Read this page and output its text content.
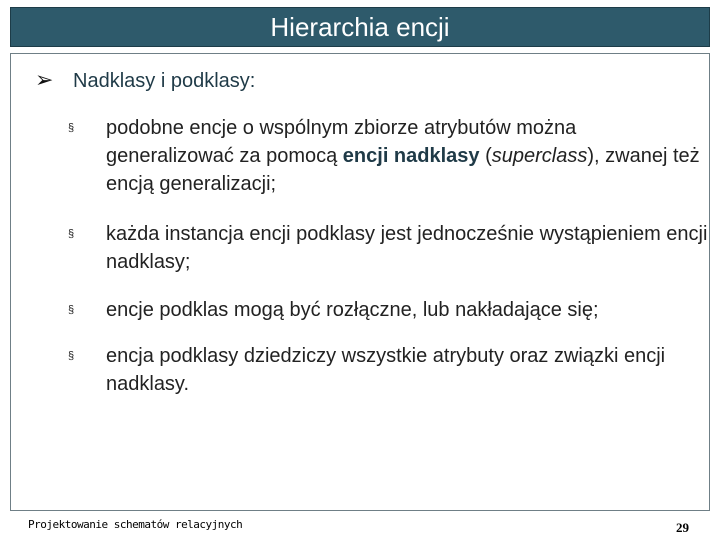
Hierarchia encji
➢ Nadklasy i podklasy:
§	podobne encje o wspólnym zbiorze atrybutów można generalizować za pomocą encji nadklasy (superclass), zwanej też encją generalizacji;
§	każda instancja encji podklasy jest jednocześnie wystąpieniem encji nadklasy;
§	encje podklas mogą być rozłączne, lub nakładające się;
§	encja podklasy dziedziczy wszystkie atrybuty oraz związki encji nadklasy.
Projektowanie schematów relacyjnych	29
